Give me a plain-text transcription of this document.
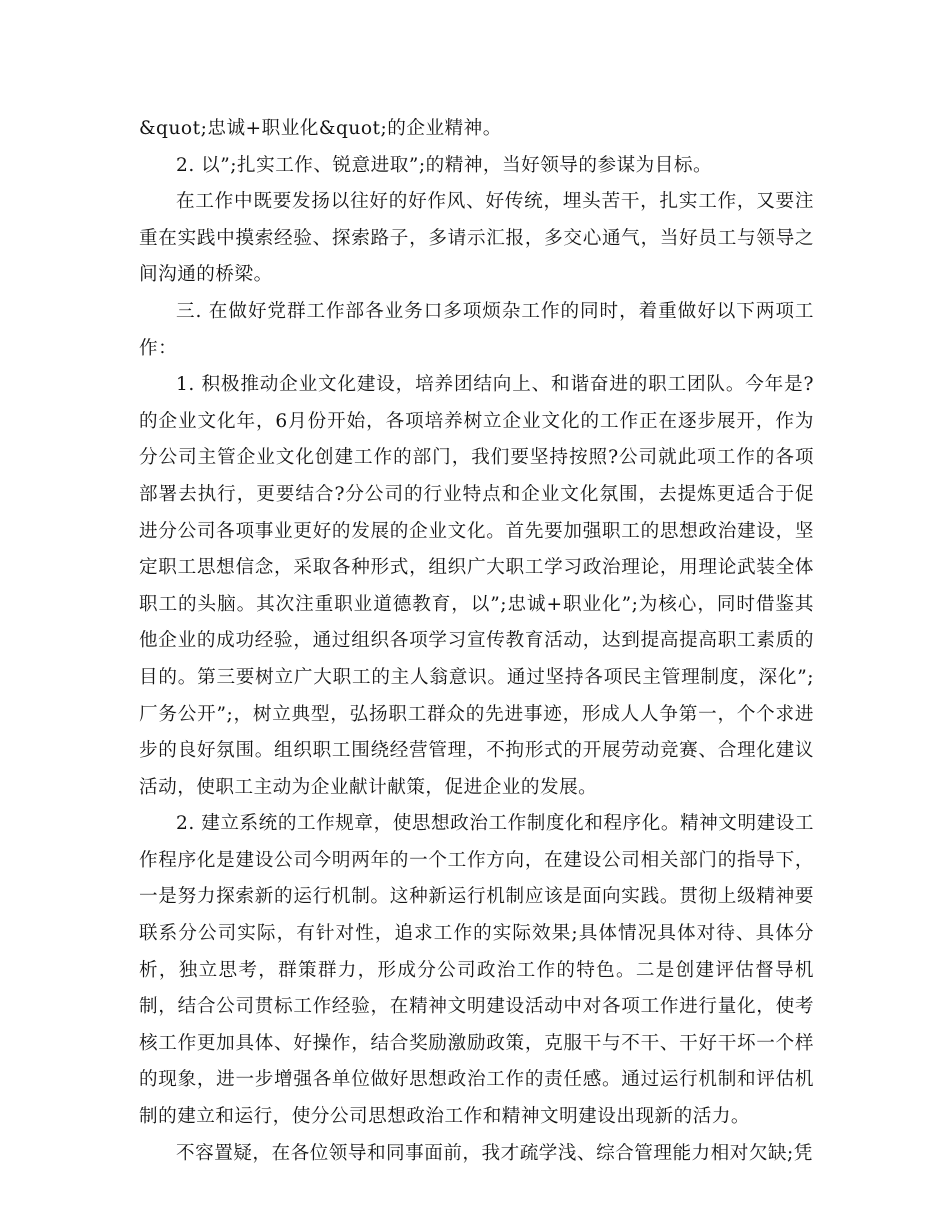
&quot;忠诚+职业化&quot;的企业精神。

2. 以”;扎实工作、锐意进取”;的精神，当好领导的参谋为目标。

在工作中既要发扬以往好的好作风、好传统，埋头苦干，扎实工作，又要注重在实践中摸索经验、探索路子，多请示汇报，多交心通气，当好员工与领导之间沟通的桥梁。

三. 在做好党群工作部各业务口多项烦杂工作的同时，着重做好以下两项工作：

1. 积极推动企业文化建设，培养团结向上、和谐奋进的职工团队。今年是?的企业文化年，6月份开始，各项培养树立企业文化的工作正在逐步展开，作为分公司主管企业文化创建工作的部门，我们要坚持按照?公司就此项工作的各项部署去执行，更要结合?分公司的行业特点和企业文化氛围，去提炼更适合于促进分公司各项事业更好的发展的企业文化。首先要加强职工的思想政治建设，坚定职工思想信念，采取各种形式，组织广大职工学习政治理论，用理论武装全体职工的头脑。其次注重职业道德教育，以”;忠诚+职业化”;为核心，同时借鉴其他企业的成功经验，通过组织各项学习宣传教育活动，达到提高提高职工素质的目的。第三要树立广大职工的主人翁意识。通过坚持各项民主管理制度，深化”;厂务公开”;，树立典型，弘扬职工群众的先进事迹，形成人人争第一，个个求进步的良好氛围。组织职工围绕经营管理，不拘形式的开展劳动竞赛、合理化建议活动，使职工主动为企业献计献策，促进企业的发展。

2. 建立系统的工作规章，使思想政治工作制度化和程序化。精神文明建设工作程序化是建设公司今明两年的一个工作方向，在建设公司相关部门的指导下，一是努力探索新的运行机制。这种新运行机制应该是面向实践。贯彻上级精神要联系分公司实际，有针对性，追求工作的实际效果;具体情况具体对待、具体分析，独立思考，群策群力，形成分公司政治工作的特色。二是创建评估督导机制，结合公司贯标工作经验，在精神文明建设活动中对各项工作进行量化，使考核工作更加具体、好操作，结合奖励激励政策，克服干与不干、干好干坏一个样的现象，进一步增强各单位做好思想政治工作的责任感。通过运行机制和评估机制的建立和运行，使分公司思想政治工作和精神文明建设出现新的活力。

不容置疑，在各位领导和同事面前，我才疏学浅、综合管理能力相对欠缺;凭
